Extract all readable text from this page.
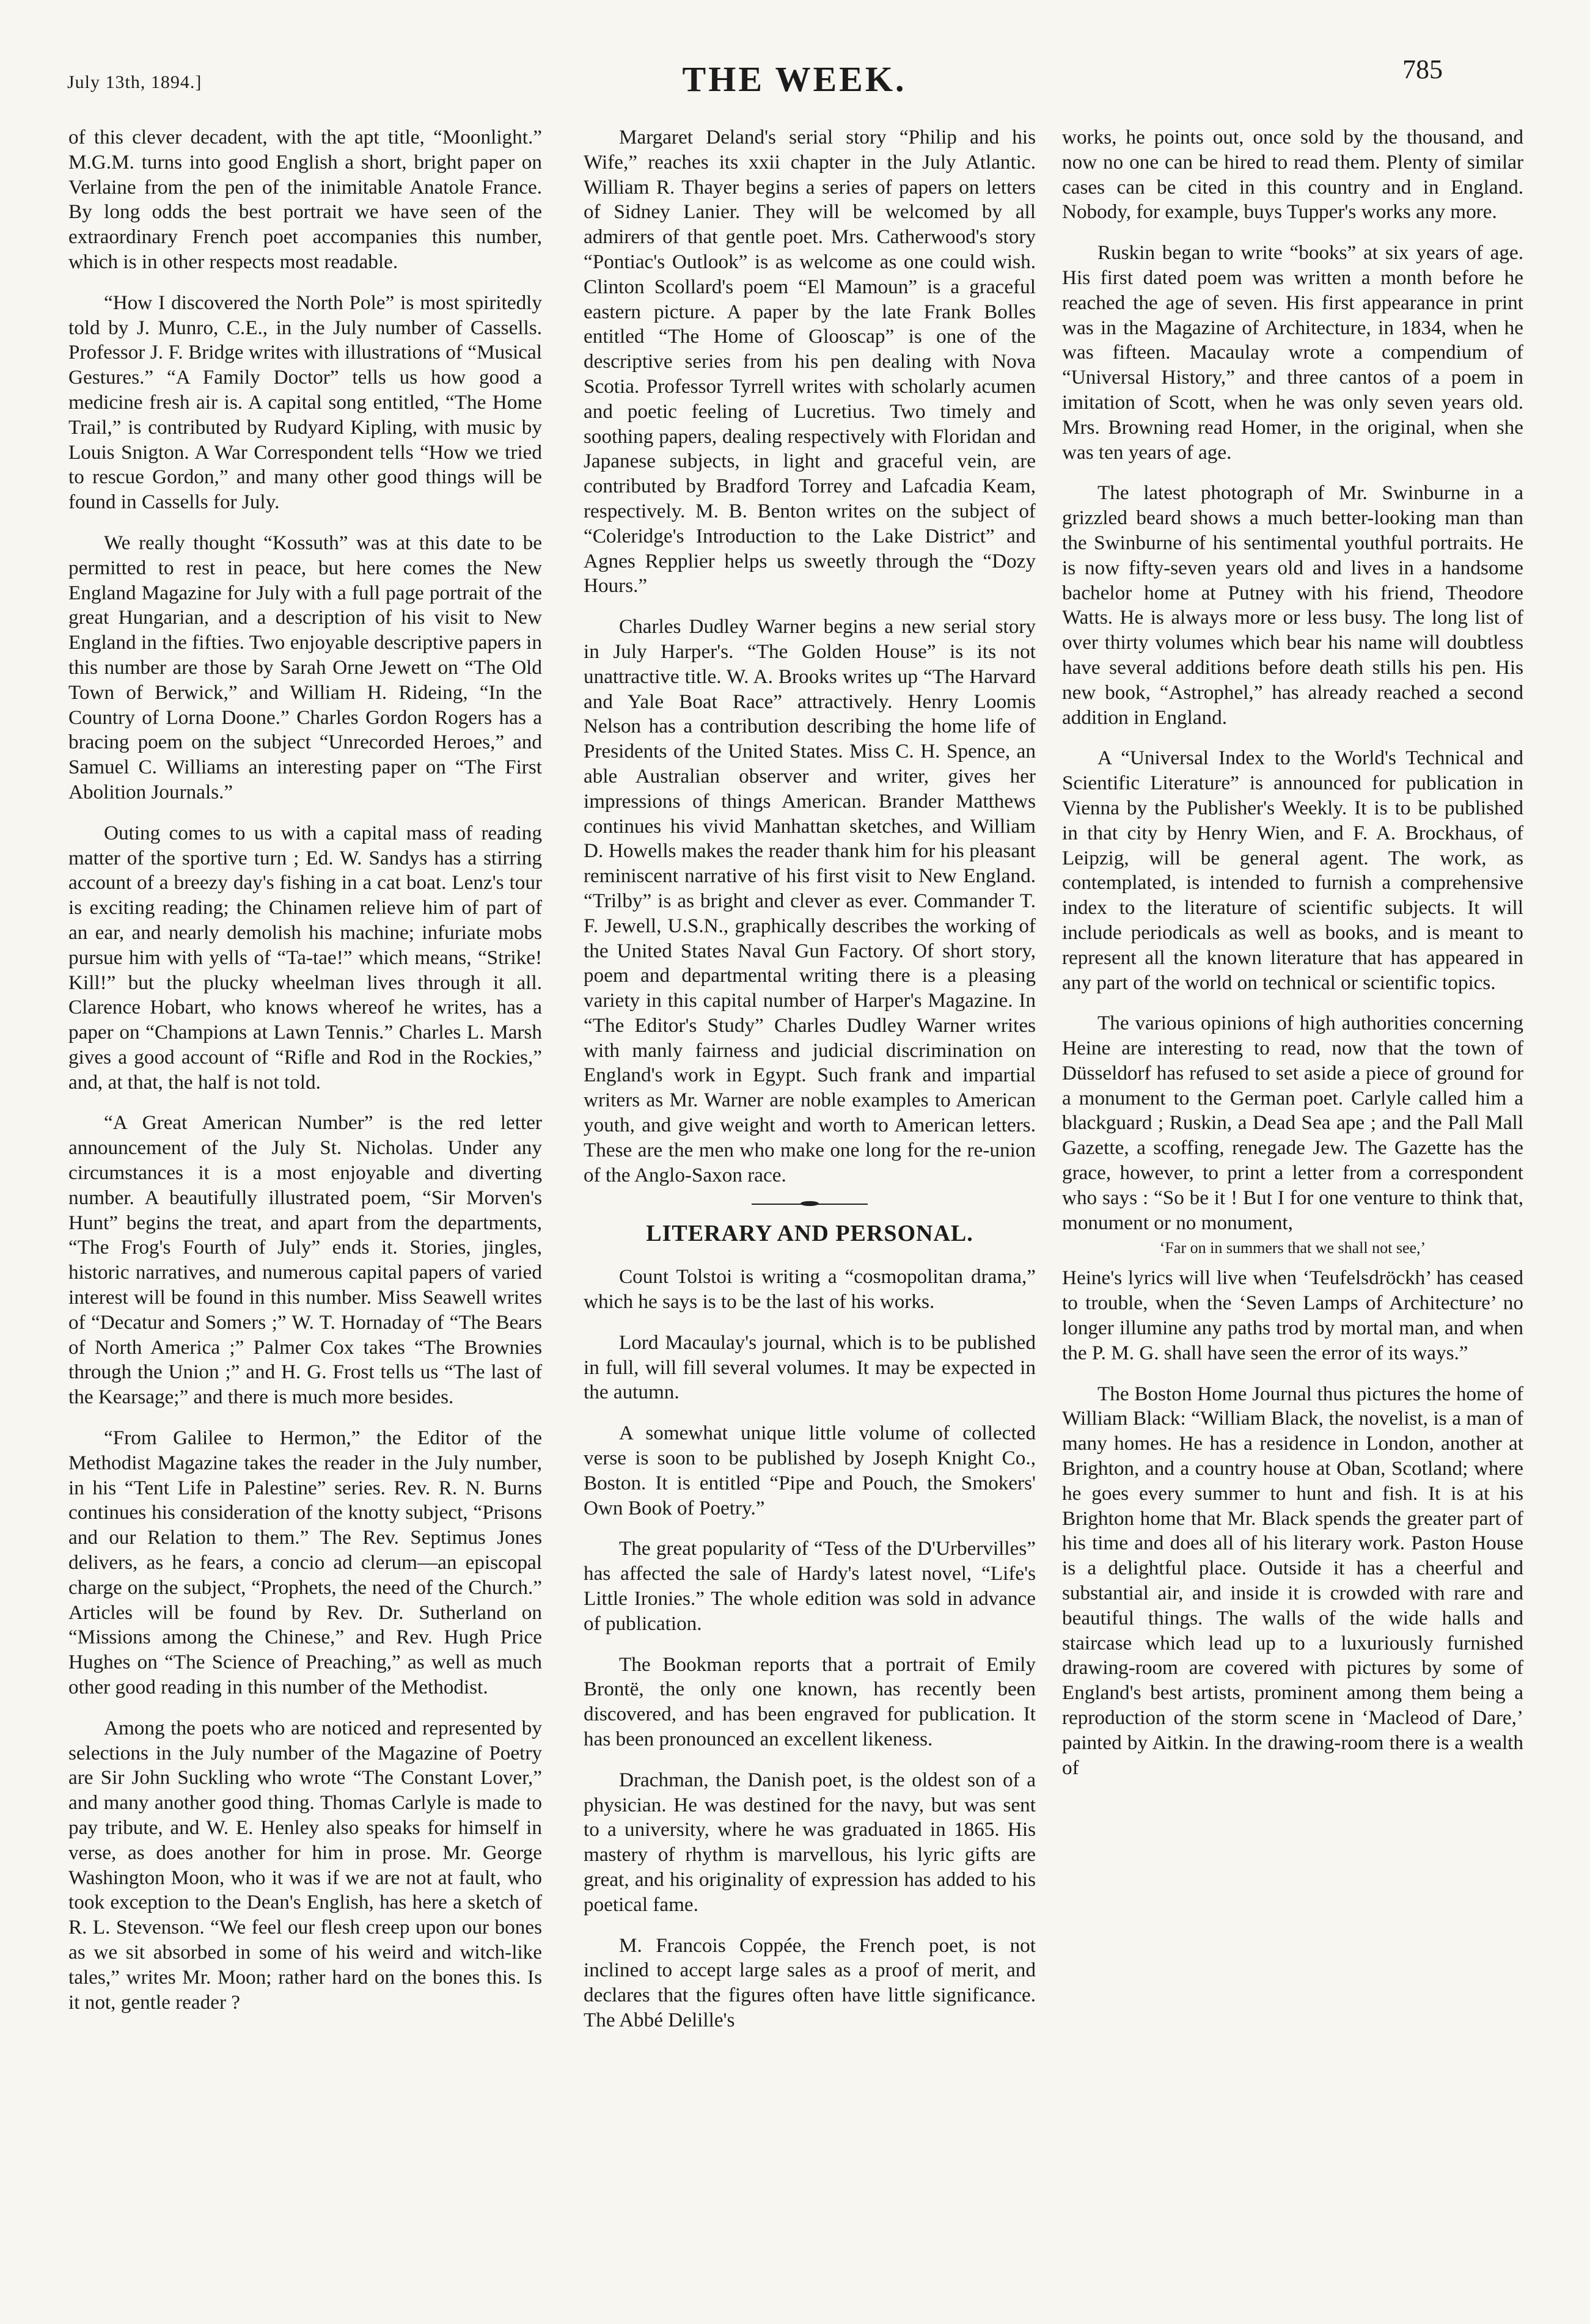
July 13th, 1894.]	THE WEEK.	785

of this clever decadent, with the apt title, “Moonlight.” M.G.M. turns into good English a short, bright paper on Verlaine from the pen of the inimitable Anatole France. By long odds the best portrait we have seen of the extraordinary French poet accompanies this number, which is in other respects most readable.

“How I discovered the North Pole” is most spiritedly told by J. Munro, C.E., in the July number of Cassells. Professor J. F. Bridge writes with illustrations of “Musical Gestures.” “A Family Doctor” tells us how good a medicine fresh air is. A capital song entitled, “The Home Trail,” is contributed by Rudyard Kipling, with music by Louis Snigton. A War Correspondent tells “How we tried to rescue Gordon,” and many other good things will be found in Cassells for July.

We really thought “Kossuth” was at this date to be permitted to rest in peace, but here comes the New England Magazine for July with a full page portrait of the great Hungarian, and a description of his visit to New England in the fifties. Two enjoyable descriptive papers in this number are those by Sarah Orne Jewett on “The Old Town of Berwick,” and William H. Rideing, “In the Country of Lorna Doone.” Charles Gordon Rogers has a bracing poem on the subject “Unrecorded Heroes,” and Samuel C. Williams an interesting paper on “The First Abolition Journals.”

Outing comes to us with a capital mass of reading matter of the sportive turn ; Ed. W. Sandys has a stirring account of a breezy day's fishing in a cat boat. Lenz's tour is exciting reading; the Chinamen relieve him of part of an ear, and nearly demolish his machine; infuriate mobs pursue him with yells of “Ta-tae!” which means, “Strike! Kill!” but the plucky wheelman lives through it all. Clarence Hobart, who knows whereof he writes, has a paper on “Champions at Lawn Tennis.” Charles L. Marsh gives a good account of “Rifle and Rod in the Rockies,” and, at that, the half is not told.

“A Great American Number” is the red letter announcement of the July St. Nicholas. Under any circumstances it is a most enjoyable and diverting number. A beautifully illustrated poem, “Sir Morven's Hunt” begins the treat, and apart from the departments, “The Frog's Fourth of July” ends it. Stories, jingles, historic narratives, and numerous capital papers of varied interest will be found in this number. Miss Seawell writes of “Decatur and Somers ;” W. T. Hornaday of “The Bears of North America ;” Palmer Cox takes “The Brownies through the Union ;” and H. G. Frost tells us “The last of the Kearsage;” and there is much more besides.

“From Galilee to Hermon,” the Editor of the Methodist Magazine takes the reader in the July number, in his “Tent Life in Palestine” series. Rev. R. N. Burns continues his consideration of the knotty subject, “Prisons and our Relation to them.” The Rev. Septimus Jones delivers, as he fears, a concio ad clerum—an episcopal charge on the subject, “Prophets, the need of the Church.” Articles will be found by Rev. Dr. Sutherland on “Missions among the Chinese,” and Rev. Hugh Price Hughes on “The Science of Preaching,” as well as much other good reading in this number of the Methodist.

Among the poets who are noticed and represented by selections in the July number of the Magazine of Poetry are Sir John Suckling who wrote “The Constant Lover,” and many another good thing. Thomas Carlyle is made to pay tribute, and W. E. Henley also speaks for himself in verse, as does another for him in prose. Mr. George Washington Moon, who it was if we are not at fault, who took exception to the Dean's English, has here a sketch of R. L. Stevenson. “We feel our flesh creep upon our bones as we sit absorbed in some of his weird and witch-like tales,” writes Mr. Moon; rather hard on the bones this. Is it not, gentle reader ?

Margaret Deland's serial story “Philip and his Wife,” reaches its xxii chapter in the July Atlantic. William R. Thayer begins a series of papers on letters of Sidney Lanier. They will be welcomed by all admirers of that gentle poet. Mrs. Catherwood's story “Pontiac's Outlook” is as welcome as one could wish. Clinton Scollard's poem “El Mamoun” is a graceful eastern picture. A paper by the late Frank Bolles entitled “The Home of Glooscap” is one of the descriptive series from his pen dealing with Nova Scotia. Professor Tyrrell writes with scholarly acumen and poetic feeling of Lucretius. Two timely and soothing papers, dealing respectively with Floridan and Japanese subjects, in light and graceful vein, are contributed by Bradford Torrey and Lafcadia Keam, respectively. M. B. Benton writes on the subject of “Coleridge's Introduction to the Lake District” and Agnes Repplier helps us sweetly through the “Dozy Hours.”

Charles Dudley Warner begins a new serial story in July Harper's. “The Golden House” is its not unattractive title. W. A. Brooks writes up “The Harvard and Yale Boat Race” attractively. Henry Loomis Nelson has a contribution describing the home life of Presidents of the United States. Miss C. H. Spence, an able Australian observer and writer, gives her impressions of things American. Brander Matthews continues his vivid Manhattan sketches, and William D. Howells makes the reader thank him for his pleasant reminiscent narrative of his first visit to New England. “Trilby” is as bright and clever as ever. Commander T. F. Jewell, U.S.N., graphically describes the working of the United States Naval Gun Factory. Of short story, poem and departmental writing there is a pleasing variety in this capital number of Harper's Magazine. In “The Editor's Study” Charles Dudley Warner writes with manly fairness and judicial discrimination on England's work in Egypt. Such frank and impartial writers as Mr. Warner are noble examples to American youth, and give weight and worth to American letters. These are the men who make one long for the re-union of the Anglo-Saxon race.

LITERARY AND PERSONAL.

Count Tolstoi is writing a “cosmopolitan drama,” which he says is to be the last of his works.

Lord Macaulay's journal, which is to be published in full, will fill several volumes. It may be expected in the autumn.

A somewhat unique little volume of collected verse is soon to be published by Joseph Knight Co., Boston. It is entitled “Pipe and Pouch, the Smokers' Own Book of Poetry.”

The great popularity of “Tess of the D'Urbervilles” has affected the sale of Hardy's latest novel, “Life's Little Ironies.” The whole edition was sold in advance of publication.

The Bookman reports that a portrait of Emily Brontë, the only one known, has recently been discovered, and has been engraved for publication. It has been pronounced an excellent likeness.

Drachman, the Danish poet, is the oldest son of a physician. He was destined for the navy, but was sent to a university, where he was graduated in 1865. His mastery of rhythm is marvellous, his lyric gifts are great, and his originality of expression has added to his poetical fame.

M. Francois Coppée, the French poet, is not inclined to accept large sales as a proof of merit, and declares that the figures often have little significance. The Abbé Delille's

works, he points out, once sold by the thousand, and now no one can be hired to read them. Plenty of similar cases can be cited in this country and in England. Nobody, for example, buys Tupper's works any more.

Ruskin began to write “books” at six years of age. His first dated poem was written a month before he reached the age of seven. His first appearance in print was in the Magazine of Architecture, in 1834, when he was fifteen. Macaulay wrote a compendium of “Universal History,” and three cantos of a poem in imitation of Scott, when he was only seven years old. Mrs. Browning read Homer, in the original, when she was ten years of age.

The latest photograph of Mr. Swinburne in a grizzled beard shows a much better-looking man than the Swinburne of his sentimental youthful portraits. He is now fifty-seven years old and lives in a handsome bachelor home at Putney with his friend, Theodore Watts. He is always more or less busy. The long list of over thirty volumes which bear his name will doubtless have several additions before death stills his pen. His new book, “Astrophel,” has already reached a second addition in England.

A “Universal Index to the World's Technical and Scientific Literature” is announced for publication in Vienna by the Publisher's Weekly. It is to be published in that city by Henry Wien, and F. A. Brockhaus, of Leipzig, will be general agent. The work, as contemplated, is intended to furnish a comprehensive index to the literature of scientific subjects. It will include periodicals as well as books, and is meant to represent all the known literature that has appeared in any part of the world on technical or scientific topics.

The various opinions of high authorities concerning Heine are interesting to read, now that the town of Düsseldorf has refused to set aside a piece of ground for a monument to the German poet. Carlyle called him a blackguard ; Ruskin, a Dead Sea ape ; and the Pall Mall Gazette, a scoffing, renegade Jew. The Gazette has the grace, however, to print a letter from a correspondent who says : “So be it ! But I for one venture to think that, monument or no monument,

‘Far on in summers that we shall not see,’

Heine's lyrics will live when ‘Teufelsdröckh’ has ceased to trouble, when the ‘Seven Lamps of Architecture’ no longer illumine any paths trod by mortal man, and when the P. M. G. shall have seen the error of its ways.”

The Boston Home Journal thus pictures the home of William Black: “William Black, the novelist, is a man of many homes. He has a residence in London, another at Brighton, and a country house at Oban, Scotland; where he goes every summer to hunt and fish. It is at his Brighton home that Mr. Black spends the greater part of his time and does all of his literary work. Paston House is a delightful place. Outside it has a cheerful and substantial air, and inside it is crowded with rare and beautiful things. The walls of the wide halls and staircase which lead up to a luxuriously furnished drawing-room are covered with pictures by some of England's best artists, prominent among them being a reproduction of the storm scene in ‘Macleod of Dare,’ painted by Aitkin. In the drawing-room there is a wealth of
